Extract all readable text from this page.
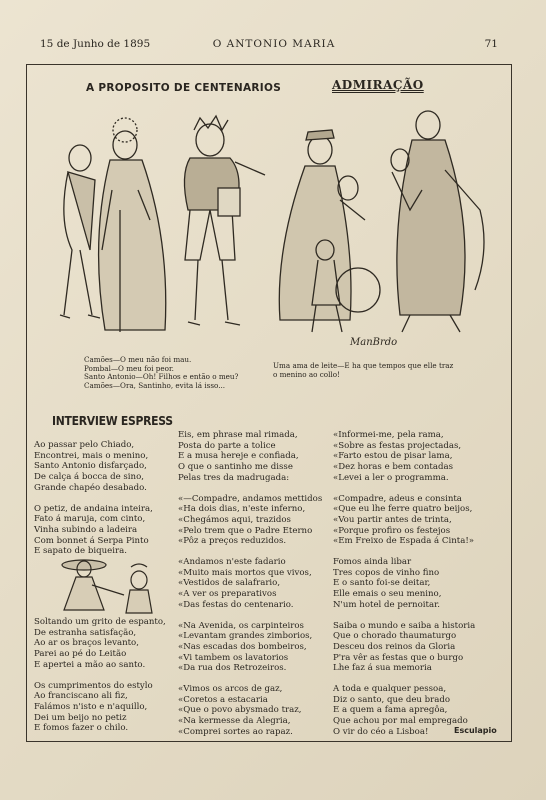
15 de Junho de 1895	O ANTONIO MARIA	71
A PROPOSITO DE CENTENARIOS	ADMIRAÇÃO
ManBrdo
Camões—O meu não foi mau.
Pombal—O meu foi peor.
Santo Antonio—Oh! Filhos e então o meu?
Camões—Ora, Santinho, evita lá isso...
Uma ama de leite—E ha que tempos que elle traz
o menino ao collo!
INTERVIEW ESPRESS
Ao passar pelo Chiado,
Encontrei, mais o menino,
Santo Antonio disfarçado,
De calça á bocca de sino,
Grande chapéo desabado.
O petiz, de andaina inteira,
Fato á maruja, com cinto,
Vinha subindo a ladeira
Com bonnet á Serpa Pinto
E sapato de biqueira.
Soltando um grito de espanto,
De estranha satisfação,
Ao ar os braços levanto,
Parei ao pé do Leitão
E apertei a mão ao santo.
Os cumprimentos do estylo
Ao franciscano ali fiz,
Falámos n'isto e n'aquillo,
Dei um beijo no petiz
E fomos fazer o chilo.
Eis, em phrase mal rimada,
Posta do parte a tolice
E a musa hereje e confiada,
O que o santinho me disse
Pelas tres da madrugada:
«—Compadre, andamos mettidos
«Ha dois dias, n'este inferno,
«Chegámos aqui, trazidos
«Pelo trem que o Padre Eterno
«Pôz a preços reduzidos.
«Andamos n'este fadario
«Muito mais mortos que vivos,
«Vestidos de salafrario,
«A ver os preparativos
«Das festas do centenario.
«Na Avenida, os carpinteiros
«Levantam grandes zimborios,
«Nas escadas dos bombeiros,
«Vi tambem os lavatorios
«Da rua dos Retrozeiros.
«Vimos os arcos de gaz,
«Coretos a estacaria
«Que o povo abysmado traz,
«Na kermesse da Alegria,
«Comprei sortes ao rapaz.
«Informei-me, pela rama,
«Sobre as festas projectadas,
«Farto estou de pisar lama,
«Dez horas e bem contadas
«Levei a ler o programma.
«Compadre, adeus e consinta
«Que eu lhe ferre quatro beijos,
«Vou partir antes de trinta,
«Porque profiro os festejos
«Em Freixo de Espada á Cinta!»
Fomos ainda libar
Tres copos de vinho fino
E o santo foi-se deitar,
Elle emais o seu menino,
N'um hotel de pernoitar.
Saiba o mundo e saiba a historia
Que o chorado thaumaturgo
Desceu dos reinos da Gloria
P'ra vêr as festas que o burgo
Lhe faz á sua memoria
A toda e qualquer pessoa,
Diz o santo, que deu brado
E a quem a fama apregôa,
Que achou por mal empregado
O vir do céo a Lisboa!	Esculapio
